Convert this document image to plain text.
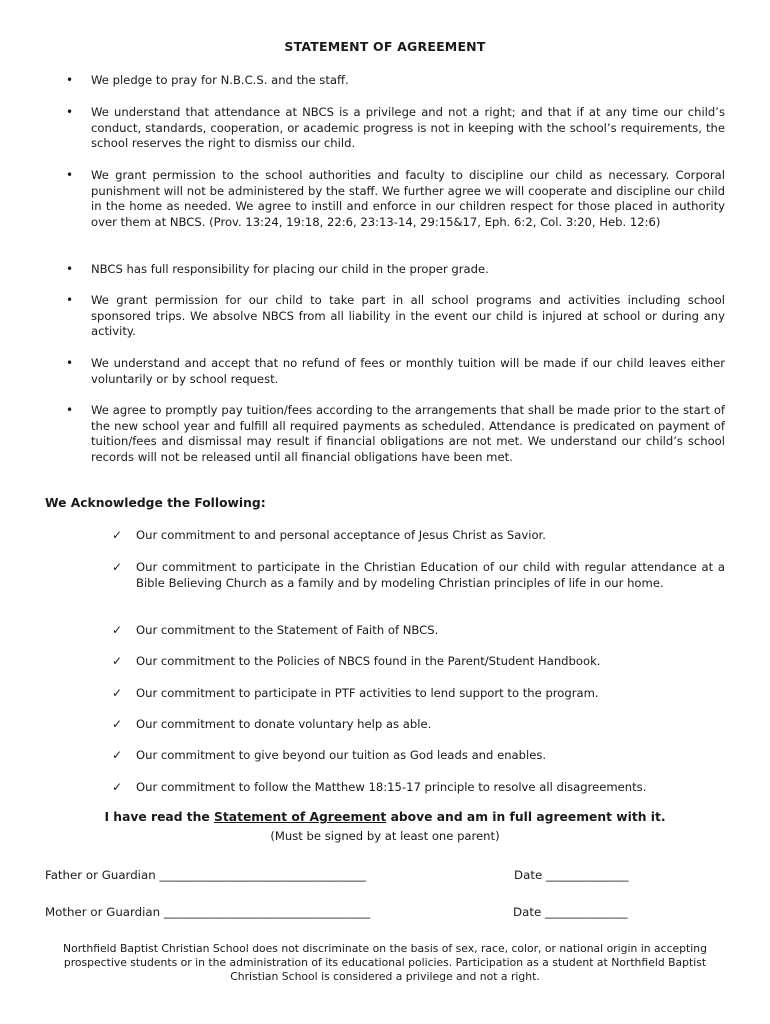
STATEMENT OF AGREEMENT
• We pledge to pray for N.B.C.S. and the staff.
• We understand that attendance at NBCS is a privilege and not a right; and that if at any time our child’s conduct, standards, cooperation, or academic progress is not in keeping with the school’s requirements, the school reserves the right to dismiss our child.
• We grant permission to the school authorities and faculty to discipline our child as necessary. Corporal punishment will not be administered by the staff. We further agree we will cooperate and discipline our child in the home as needed. We agree to instill and enforce in our children respect for those placed in authority over them at NBCS. (Prov. 13:24, 19:18, 22:6, 23:13-14, 29:15&17, Eph. 6:2, Col. 3:20, Heb. 12:6)
• NBCS has full responsibility for placing our child in the proper grade.
• We grant permission for our child to take part in all school programs and activities including school sponsored trips. We absolve NBCS from all liability in the event our child is injured at school or during any activity.
• We understand and accept that no refund of fees or monthly tuition will be made if our child leaves either voluntarily or by school request.
• We agree to promptly pay tuition/fees according to the arrangements that shall be made prior to the start of the new school year and fulfill all required payments as scheduled. Attendance is predicated on payment of tuition/fees and dismissal may result if financial obligations are not met. We understand our child’s school records will not be released until all financial obligations have been met.
We Acknowledge the Following:
✓ Our commitment to and personal acceptance of Jesus Christ as Savior.
✓ Our commitment to participate in the Christian Education of our child with regular attendance at a Bible Believing Church as a family and by modeling Christian principles of life in our home.
✓ Our commitment to the Statement of Faith of NBCS.
✓ Our commitment to the Policies of NBCS found in the Parent/Student Handbook.
✓ Our commitment to participate in PTF activities to lend support to the program.
✓ Our commitment to donate voluntary help as able.
✓ Our commitment to give beyond our tuition as God leads and enables.
✓ Our commitment to follow the Matthew 18:15-17 principle to resolve all disagreements.
I have read the Statement of Agreement above and am in full agreement with it.
(Must be signed by at least one parent)
Father or Guardian ___________________________________	Date ______________
Mother or Guardian ___________________________________	Date ______________
Northfield Baptist Christian School does not discriminate on the basis of sex, race, color, or national origin in accepting prospective students or in the administration of its educational policies. Participation as a student at Northfield Baptist Christian School is considered a privilege and not a right.
